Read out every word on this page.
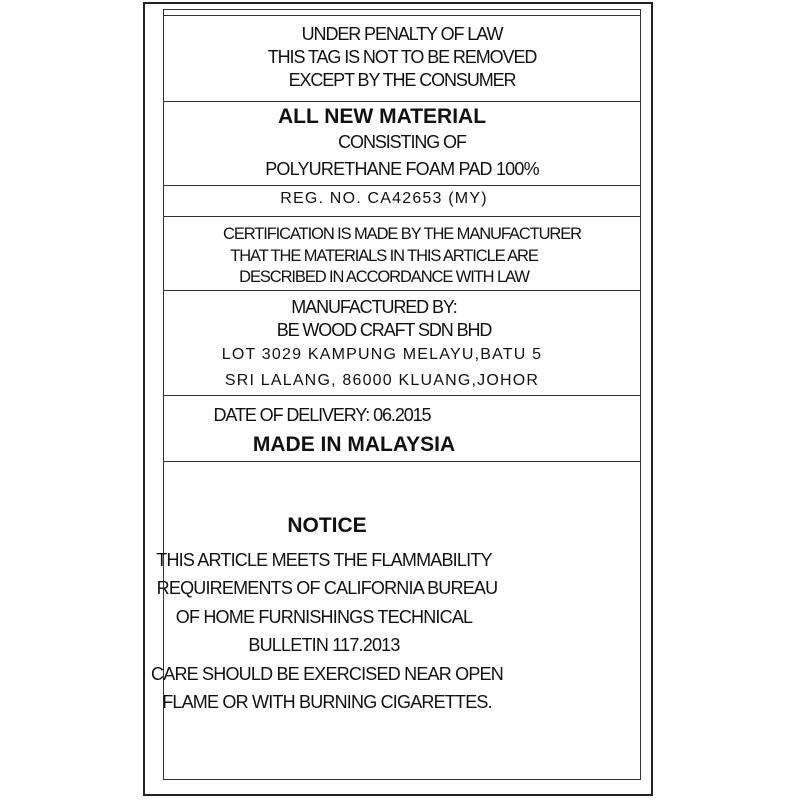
UNDER PENALTY OF LAW
THIS TAG IS NOT TO BE REMOVED
EXCEPT BY THE CONSUMER
ALL NEW MATERIAL
CONSISTING OF
POLYURETHANE FOAM PAD 100%
REG. NO. CA42653 (MY)
CERTIFICATION IS MADE BY THE MANUFACTURER
THAT THE MATERIALS IN THIS ARTICLE ARE
DESCRIBED IN ACCORDANCE WITH LAW
MANUFACTURED BY:
BE WOOD CRAFT SDN BHD
LOT 3029 KAMPUNG MELAYU,BATU 5
SRI LALANG, 86000 KLUANG,JOHOR
DATE OF DELIVERY: 06.2015
MADE IN MALAYSIA
NOTICE
THIS ARTICLE MEETS THE FLAMMABILITY
REQUIREMENTS OF CALIFORNIA BUREAU
OF HOME FURNISHINGS TECHNICAL
BULLETIN 117.2013
CARE SHOULD BE EXERCISED NEAR OPEN
FLAME OR WITH BURNING CIGARETTES.
